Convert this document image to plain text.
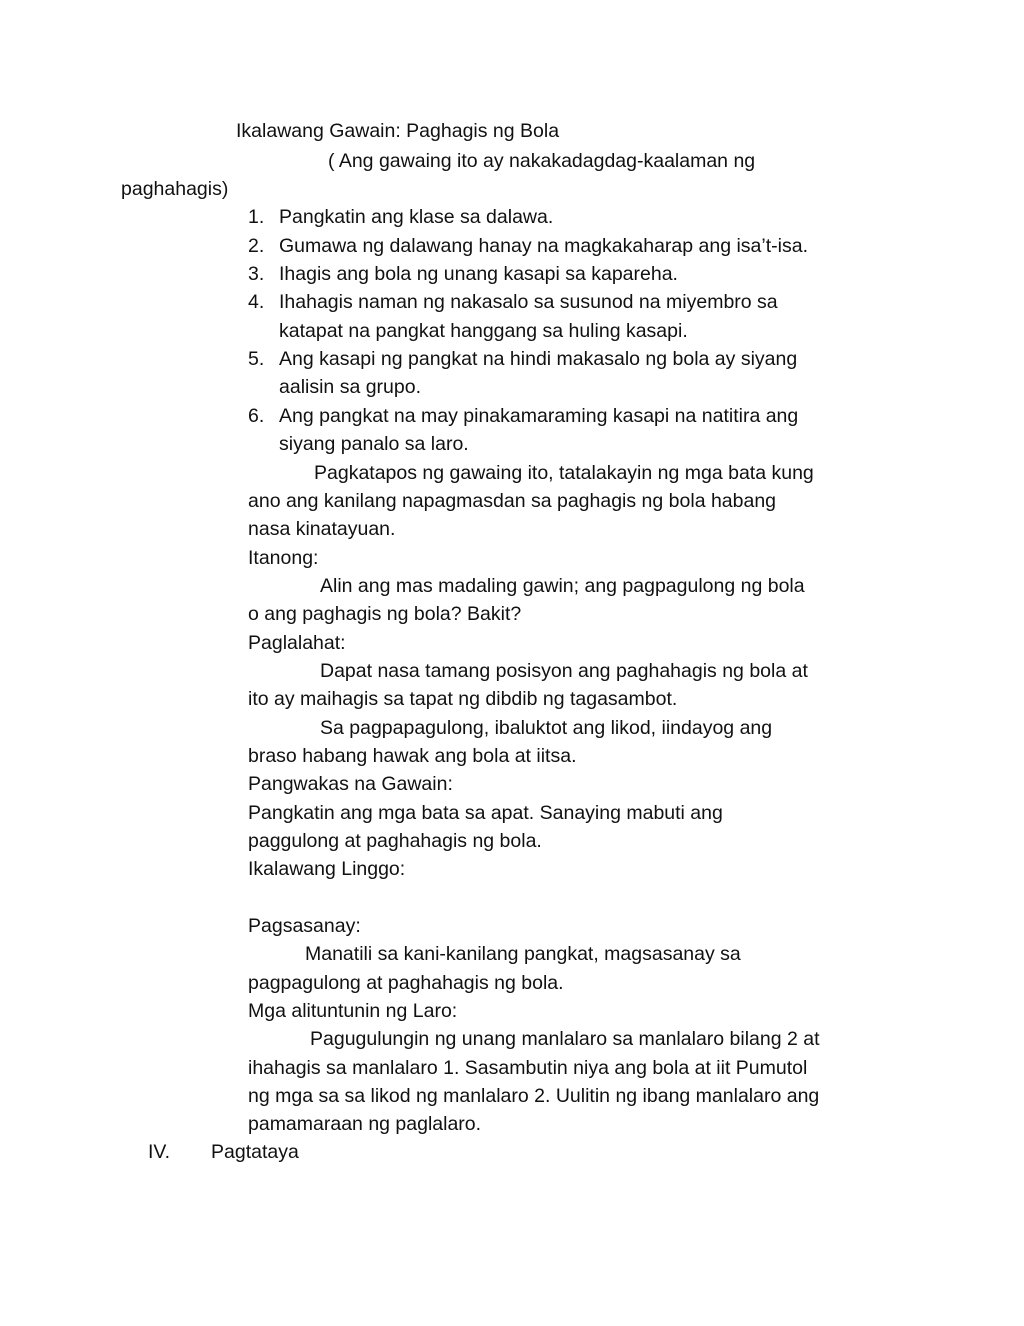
Ikalawang Gawain: Paghagis ng Bola
( Ang gawaing ito ay nakakadagdag-kaalaman ng
paghahagis)
1. Pangkatin ang klase sa dalawa.
2. Gumawa ng dalawang hanay na magkakaharap ang isa’t-isa.
3. Ihagis ang bola ng unang kasapi sa kapareha.
4. Ihahagis naman ng nakasalo sa susunod na miyembro sa
katapat na pangkat hanggang sa huling kasapi.
5. Ang kasapi ng pangkat na hindi makasalo ng bola ay siyang
aalisin sa grupo.
6. Ang pangkat na may pinakamaraming kasapi na natitira ang
siyang panalo sa laro.
Pagkatapos ng gawaing ito, tatalakayin ng mga bata kung
ano ang kanilang napagmasdan sa paghagis ng bola habang
nasa kinatayuan.
Itanong:
Alin ang mas madaling gawin; ang pagpagulong ng bola
o ang paghagis ng bola? Bakit?
Paglalahat:
Dapat nasa tamang posisyon ang paghahagis ng bola at
ito ay maihagis sa tapat ng dibdib ng tagasambot.
Sa pagpapagulong, ibaluktot ang likod, iindayog ang
braso habang hawak ang bola at iitsa.
Pangwakas na Gawain:
Pangkatin ang mga bata sa apat. Sanaying mabuti ang
paggulong at paghahagis ng bola.
Ikalawang Linggo:
Pagsasanay:
Manatili sa kani-kanilang pangkat, magsasanay sa
pagpagulong at paghahagis ng bola.
Mga alituntunin ng Laro:
Pagugulungin ng unang manlalaro sa manlalaro bilang 2 at
ihahagis sa manlalaro 1. Sasambutin niya ang bola at iit Pumutol
ng mga sa sa likod ng manlalaro 2. Uulitin ng ibang manlalaro ang
pamamaraan ng paglalaro.
IV. Pagtataya
